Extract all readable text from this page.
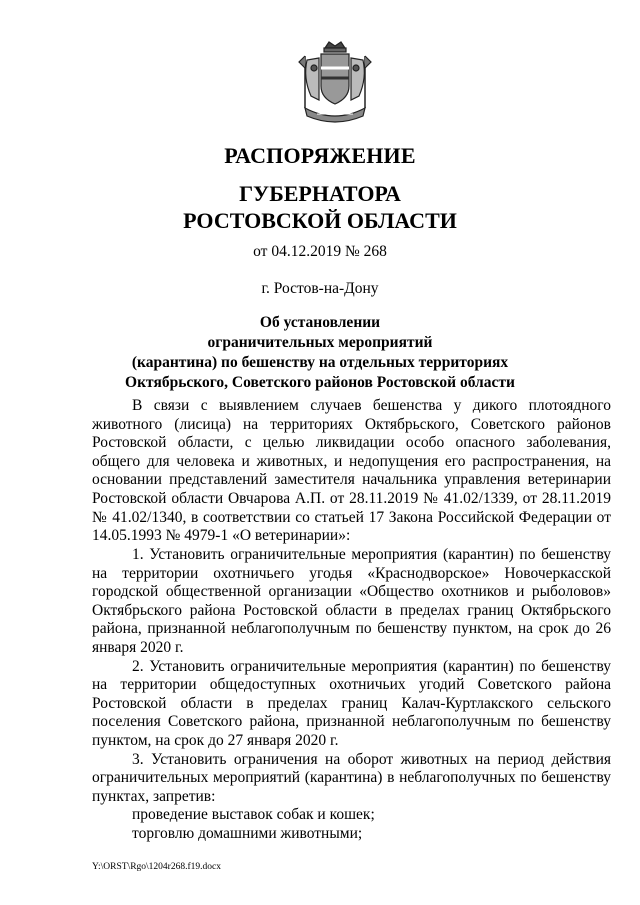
РАСПОРЯЖЕНИЕ
ГУБЕРНАТОРА
РОСТОВСКОЙ ОБЛАСТИ
от 04.12.2019 № 268
г. Ростов-на-Дону
Об установлении
ограничительных мероприятий
(карантина) по бешенству на отдельных территориях
Октябрьского, Советского районов Ростовской области

В связи с выявлением случаев бешенства у дикого плотоядного животного (лисица) на территориях Октябрьского, Советского районов Ростовской области, с целью ликвидации особо опасного заболевания, общего для человека и животных, и недопущения его распространения, на основании представлений заместителя начальника управления ветеринарии Ростовской области Овчарова А.П. от 28.11.2019 № 41.02/1339, от 28.11.2019 № 41.02/1340, в соответствии со статьей 17 Закона Российской Федерации от 14.05.1993 № 4979-1 «О ветеринарии»:

1. Установить ограничительные мероприятия (карантин) по бешенству на территории охотничьего угодья «Краснодворское» Новочеркасской городской общественной организации «Общество охотников и рыболовов» Октябрьского района Ростовской области в пределах границ Октябрьского района, признанной неблагополучным по бешенству пунктом, на срок до 26 января 2020 г.

2. Установить ограничительные мероприятия (карантин) по бешенству на территории общедоступных охотничьих угодий Советского района Ростовской области в пределах границ Калач-Куртлакского сельского поселения Советского района, признанной неблагополучным по бешенству пунктом, на срок до 27 января 2020 г.

3. Установить ограничения на оборот животных на период действия ограничительных мероприятий (карантина) в неблагополучных по бешенству пунктах, запретив:

проведение выставок собак и кошек;

торговлю домашними животными;

Y:\ORST\Rgo\1204r268.f19.docx
